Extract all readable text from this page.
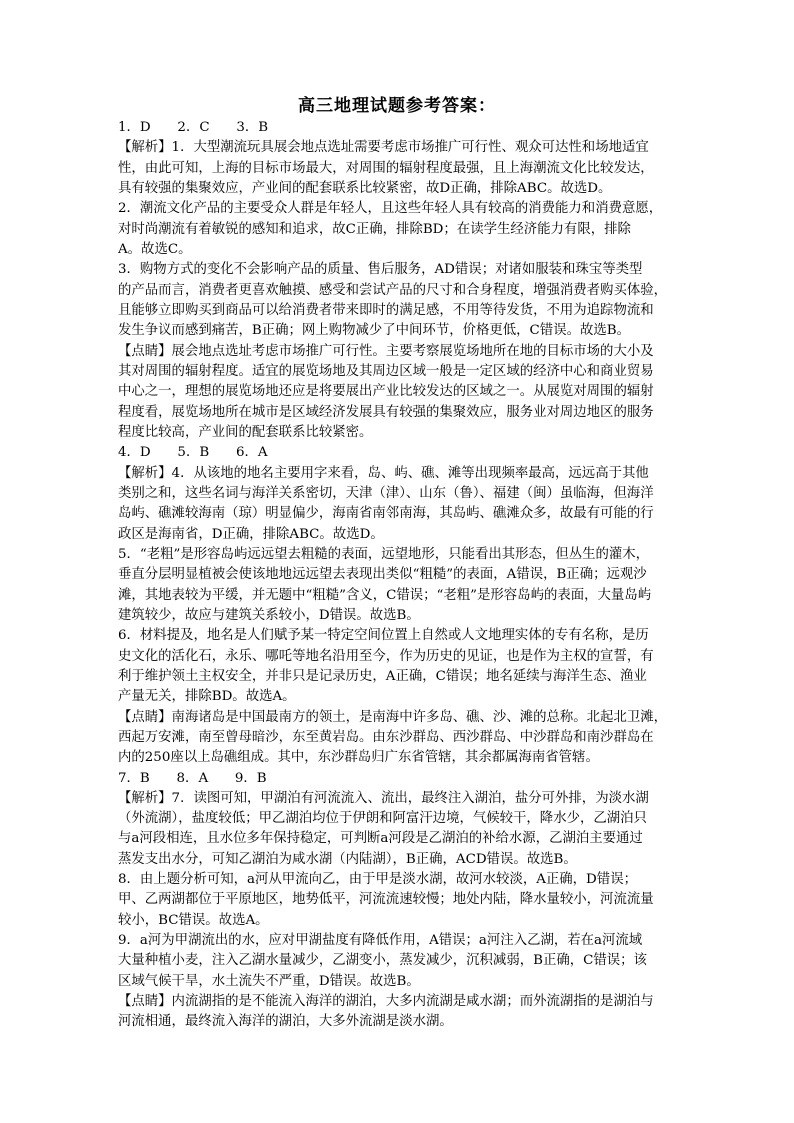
高三地理试题参考答案：
1．D　　2．C　　3．B
【解析】1．大型潮流玩具展会地点选址需要考虑市场推广可行性、观众可达性和场地适宜
性，由此可知，上海的目标市场最大，对周围的辐射程度最强，且上海潮流文化比较发达，
具有较强的集聚效应，产业间的配套联系比较紧密，故D正确，排除ABC。故选D。
2．潮流文化产品的主要受众人群是年轻人，且这些年轻人具有较高的消费能力和消费意愿，
对时尚潮流有着敏锐的感知和追求，故C正确，排除BD；在读学生经济能力有限，排除
A。故选C。
3．购物方式的变化不会影响产品的质量、售后服务，AD错误；对诸如服装和珠宝等类型
的产品而言，消费者更喜欢触摸、感受和尝试产品的尺寸和合身程度，增强消费者购买体验，
且能够立即购买到商品可以给消费者带来即时的满足感，不用等待发货，不用为追踪物流和
发生争议而感到痛苦，B正确；网上购物减少了中间环节，价格更低，C错误。故选B。
【点睛】展会地点选址考虑市场推广可行性。主要考察展览场地所在地的目标市场的大小及
其对周围的辐射程度。适宜的展览场地及其周边区域一般是一定区域的经济中心和商业贸易
中心之一，理想的展览场地还应是将要展出产业比较发达的区域之一。从展览对周围的辐射
程度看，展览场地所在城市是区域经济发展具有较强的集聚效应，服务业对周边地区的服务
程度比较高，产业间的配套联系比较紧密。
4．D　　5．B　　6．A
【解析】4．从该地的地名主要用字来看，岛、屿、礁、滩等出现频率最高，远远高于其他
类别之和，这些名词与海洋关系密切，天津（津）、山东（鲁）、福建（闽）虽临海，但海洋
岛屿、礁滩较海南（琼）明显偏少，海南省南邻南海，其岛屿、礁滩众多，故最有可能的行
政区是海南省，D正确，排除ABC。故选D。
5．“老粗”是形容岛屿远远望去粗糙的表面，远望地形，只能看出其形态，但丛生的灌木，
垂直分层明显植被会使该地地远远望去表现出类似“粗糙”的表面，A错误，B正确；远观沙
滩，其地表较为平缓，并无题中“粗糙”含义，C错误；“老粗”是形容岛屿的表面，大量岛屿
建筑较少，故应与建筑关系较小，D错误。故选B。
6．材料提及，地名是人们赋予某一特定空间位置上自然或人文地理实体的专有名称，是历
史文化的活化石，永乐、哪吒等地名沿用至今，作为历史的见证，也是作为主权的宣誓，有
利于维护领土主权安全，并非只是记录历史，A正确，C错误；地名延续与海洋生态、渔业
产量无关，排除BD。故选A。
【点睛】南海诸岛是中国最南方的领土，是南海中许多岛、礁、沙、滩的总称。北起北卫滩，
西起万安滩，南至曾母暗沙，东至黄岩岛。由东沙群岛、西沙群岛、中沙群岛和南沙群岛在
内的250座以上岛礁组成。其中，东沙群岛归广东省管辖，其余都属海南省管辖。
7．B　　8．A　　9．B
【解析】7．读图可知，甲湖泊有河流流入、流出，最终注入湖泊，盐分可外排，为淡水湖
（外流湖），盐度较低；甲乙湖泊均位于伊朗和阿富汗边境，气候较干，降水少，乙湖泊只
与a河段相连，且水位多年保持稳定，可判断a河段是乙湖泊的补给水源，乙湖泊主要通过
蒸发支出水分，可知乙湖泊为咸水湖（内陆湖），B正确，ACD错误。故选B。
8．由上题分析可知，a河从甲流向乙，由于甲是淡水湖，故河水较淡，A正确，D错误；
甲、乙两湖都位于平原地区，地势低平，河流流速较慢；地处内陆，降水量较小，河流流量
较小，BC错误。故选A。
9．a河为甲湖流出的水，应对甲湖盐度有降低作用，A错误；a河注入乙湖，若在a河流域
大量种植小麦，注入乙湖水量减少，乙湖变小，蒸发减少，沉积减弱，B正确，C错误；该
区域气候干旱，水土流失不严重，D错误。故选B。
【点睛】内流湖指的是不能流入海洋的湖泊，大多内流湖是咸水湖；而外流湖指的是湖泊与
河流相通，最终流入海洋的湖泊，大多外流湖是淡水湖。
